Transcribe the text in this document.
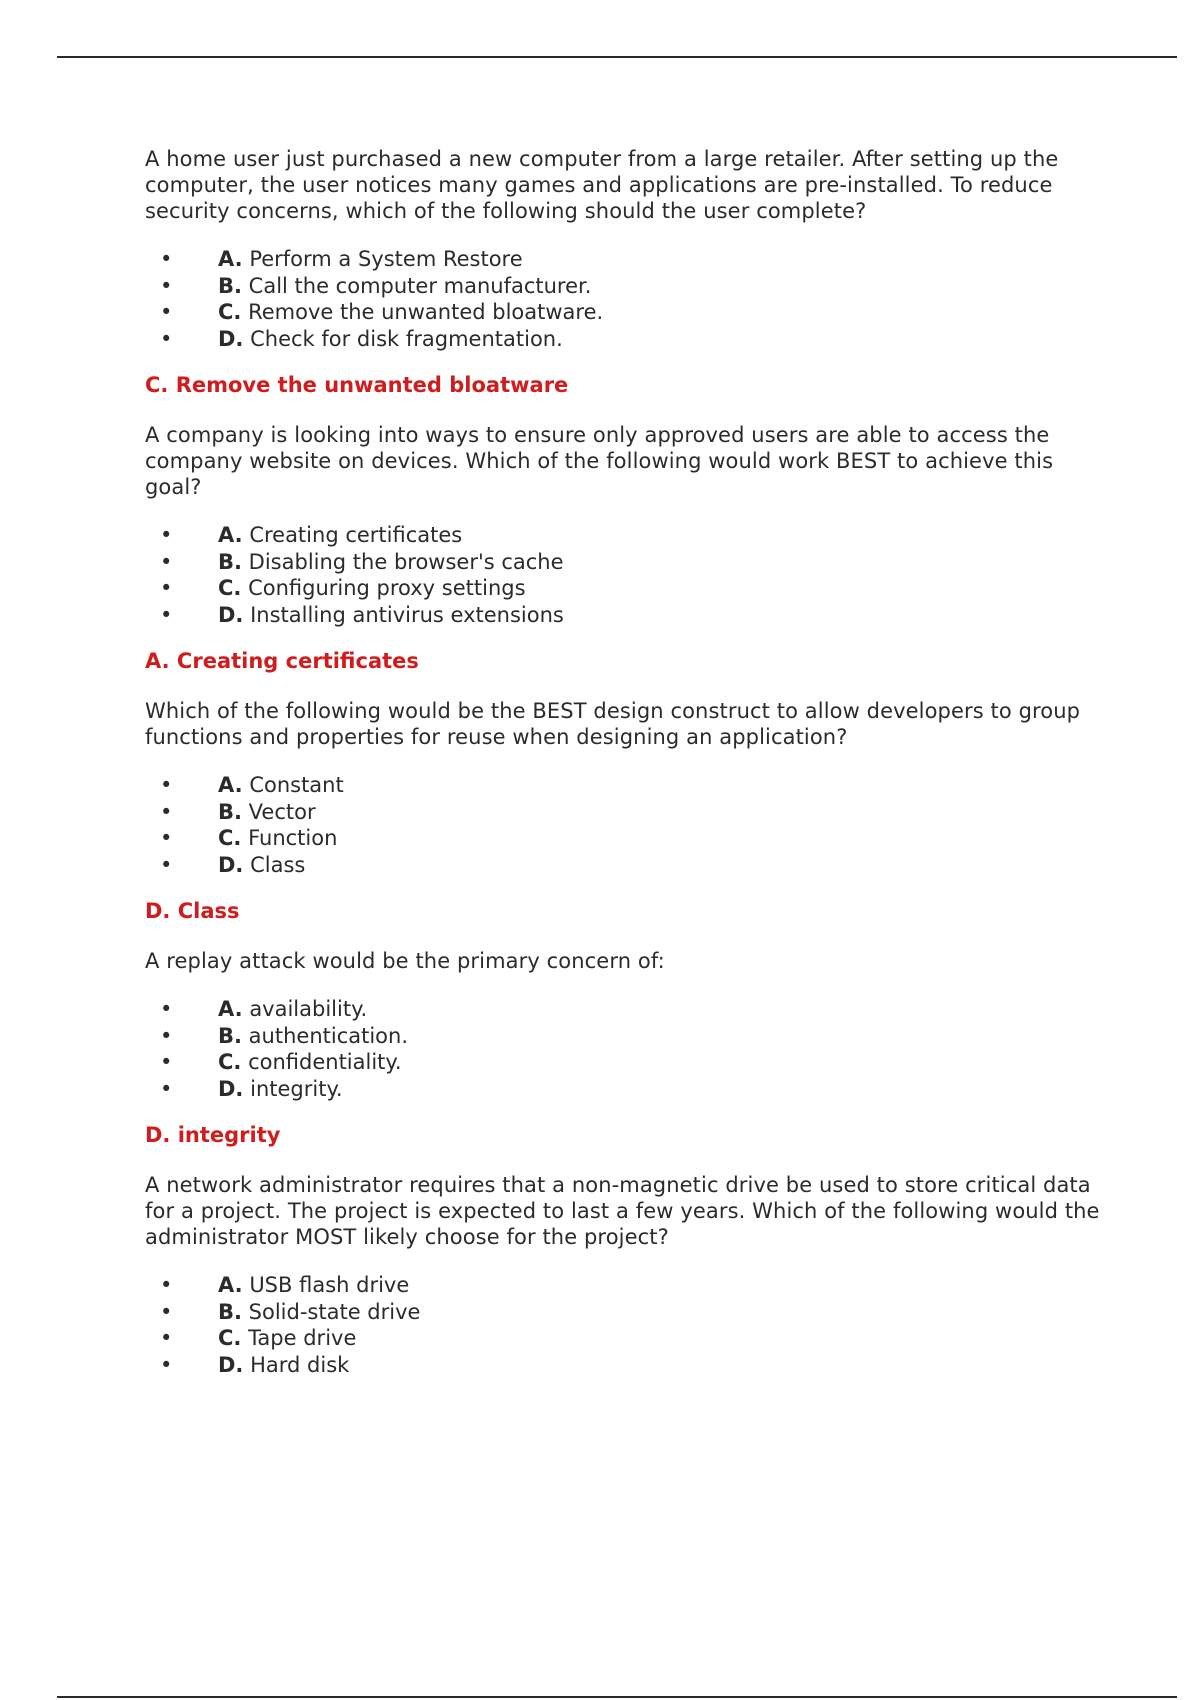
A home user just purchased a new computer from a large retailer. After setting up the computer, the user notices many games and applications are pre-installed. To reduce security concerns, which of the following should the user complete?

• A. Perform a System Restore
• B. Call the computer manufacturer.
• C. Remove the unwanted bloatware.
• D. Check for disk fragmentation.

C. Remove the unwanted bloatware

A company is looking into ways to ensure only approved users are able to access the company website on devices. Which of the following would work BEST to achieve this goal?

• A. Creating certificates
• B. Disabling the browser's cache
• C. Configuring proxy settings
• D. Installing antivirus extensions

A. Creating certificates

Which of the following would be the BEST design construct to allow developers to group functions and properties for reuse when designing an application?

• A. Constant
• B. Vector
• C. Function
• D. Class

D. Class

A replay attack would be the primary concern of:

• A. availability.
• B. authentication.
• C. confidentiality.
• D. integrity.

D. integrity

A network administrator requires that a non-magnetic drive be used to store critical data for a project. The project is expected to last a few years. Which of the following would the administrator MOST likely choose for the project?

• A. USB flash drive
• B. Solid-state drive
• C. Tape drive
• D. Hard disk
